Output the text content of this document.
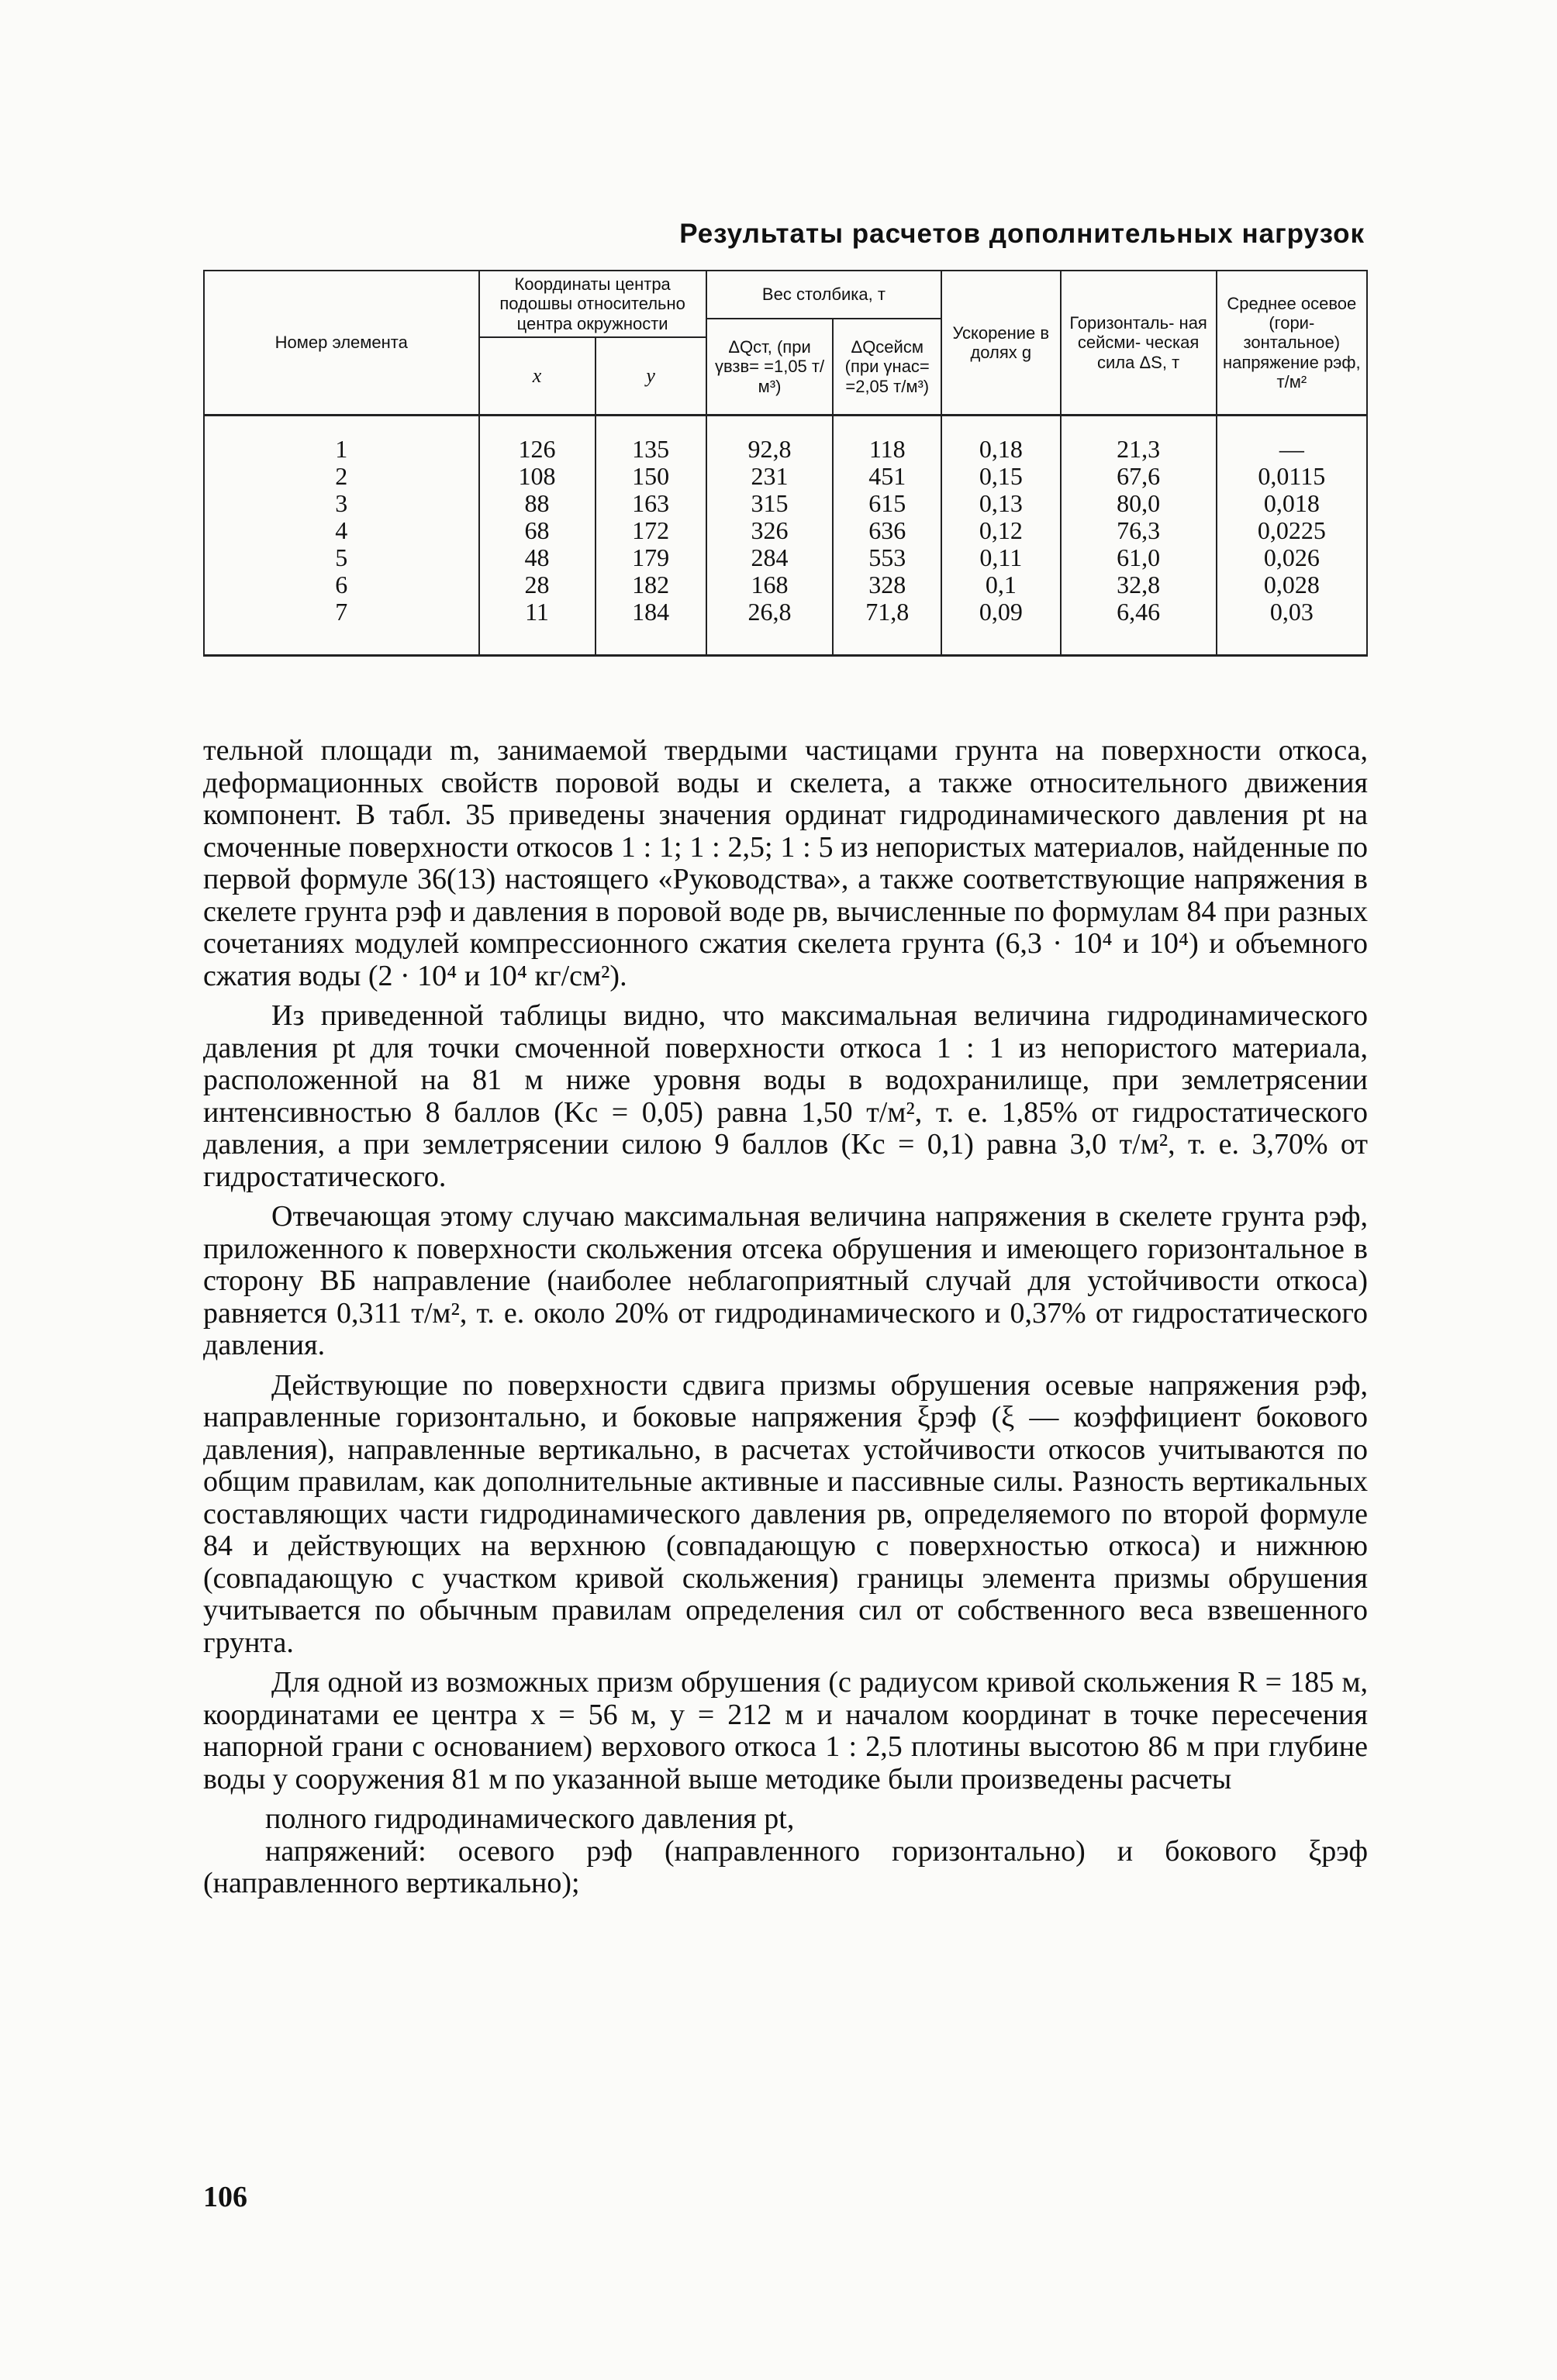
Результаты расчетов дополнительных нагрузок
Номер элемента	Координаты центра подошвы относительно центра окружности		Вес столбика, т		Ускорение в долях g	Горизонталь- ная сейсми- ческая сила ΔS, т	Среднее осевое (гори- зонтальное) напряжение pэф, т/м²
			ΔQст, (при γвзв= =1,05 т/м³)	ΔQсейсм (при γнас= =2,05 т/м³)			
	x	y					
1	126	135	92,8	118	0,18	21,3	—
2	108	150	231	451	0,15	67,6	0,0115
3	88	163	315	615	0,13	80,0	0,018
4	68	172	326	636	0,12	76,3	0,0225
5	48	179	284	553	0,11	61,0	0,026
6	28	182	168	328	0,1	32,8	0,028
7	11	184	26,8	71,8	0,09	6,46	0,03

тельной площади m, занимаемой твердыми частицами грунта на поверхности откоса, деформационных свойств поровой воды и скелета, а также относительного движения компонент. В табл. 35 приведены значения ординат гидродинамического давления pt на смоченные поверхности откосов 1 : 1; 1 : 2,5; 1 : 5 из непористых материалов, найденные по первой формуле 36(13) настоящего «Руководства», а также соответствующие напряжения в скелете грунта pэф и давления в поровой воде pв, вычисленные по формулам 84 при разных сочетаниях модулей компрессионного сжатия скелета грунта (6,3 · 10⁴ и 10⁴) и объемного сжатия воды (2 · 10⁴ и 10⁴ кг/см²).

Из приведенной таблицы видно, что максимальная величина гидродинамического давления pt для точки смоченной поверхности откоса 1 : 1 из непористого материала, расположенной на 81 м ниже уровня воды в водохранилище, при землетрясении интенсивностью 8 баллов (Kc = 0,05) равна 1,50 т/м², т. е. 1,85% от гидростатического давления, а при землетрясении силою 9 баллов (Kc = 0,1) равна 3,0 т/м², т. е. 3,70% от гидростатического.

Отвечающая этому случаю максимальная величина напряжения в скелете грунта pэф, приложенного к поверхности скольжения отсека обрушения и имеющего горизонтальное в сторону ВБ направление (наиболее неблагоприятный случай для устойчивости откоса) равняется 0,311 т/м², т. е. около 20% от гидродинамического и 0,37% от гидростатического давления.

Действующие по поверхности сдвига призмы обрушения осевые напряжения pэф, направленные горизонтально, и боковые напряжения ξpэф (ξ — коэффициент бокового давления), направленные вертикально, в расчетах устойчивости откосов учитываются по общим правилам, как дополнительные активные и пассивные силы. Разность вертикальных составляющих части гидродинамического давления pв, определяемого по второй формуле 84 и действующих на верхнюю (совпадающую с поверхностью откоса) и нижнюю (совпадающую с участком кривой скольжения) границы элемента призмы обрушения учитывается по обычным правилам определения сил от собственного веса взвешенного грунта.

Для одной из возможных призм обрушения (с радиусом кривой скольжения R = 185 м, координатами ее центра x = 56 м, y = 212 м и началом координат в точке пересечения напорной грани с основанием) верхового откоса 1 : 2,5 плотины высотою 86 м при глубине воды у сооружения 81 м по указанной выше методике были произведены расчеты

полного гидродинамического давления pt,

напряжений: осевого pэф (направленного горизонтально) и бокового ξpэф (направленного вертикально);

106
